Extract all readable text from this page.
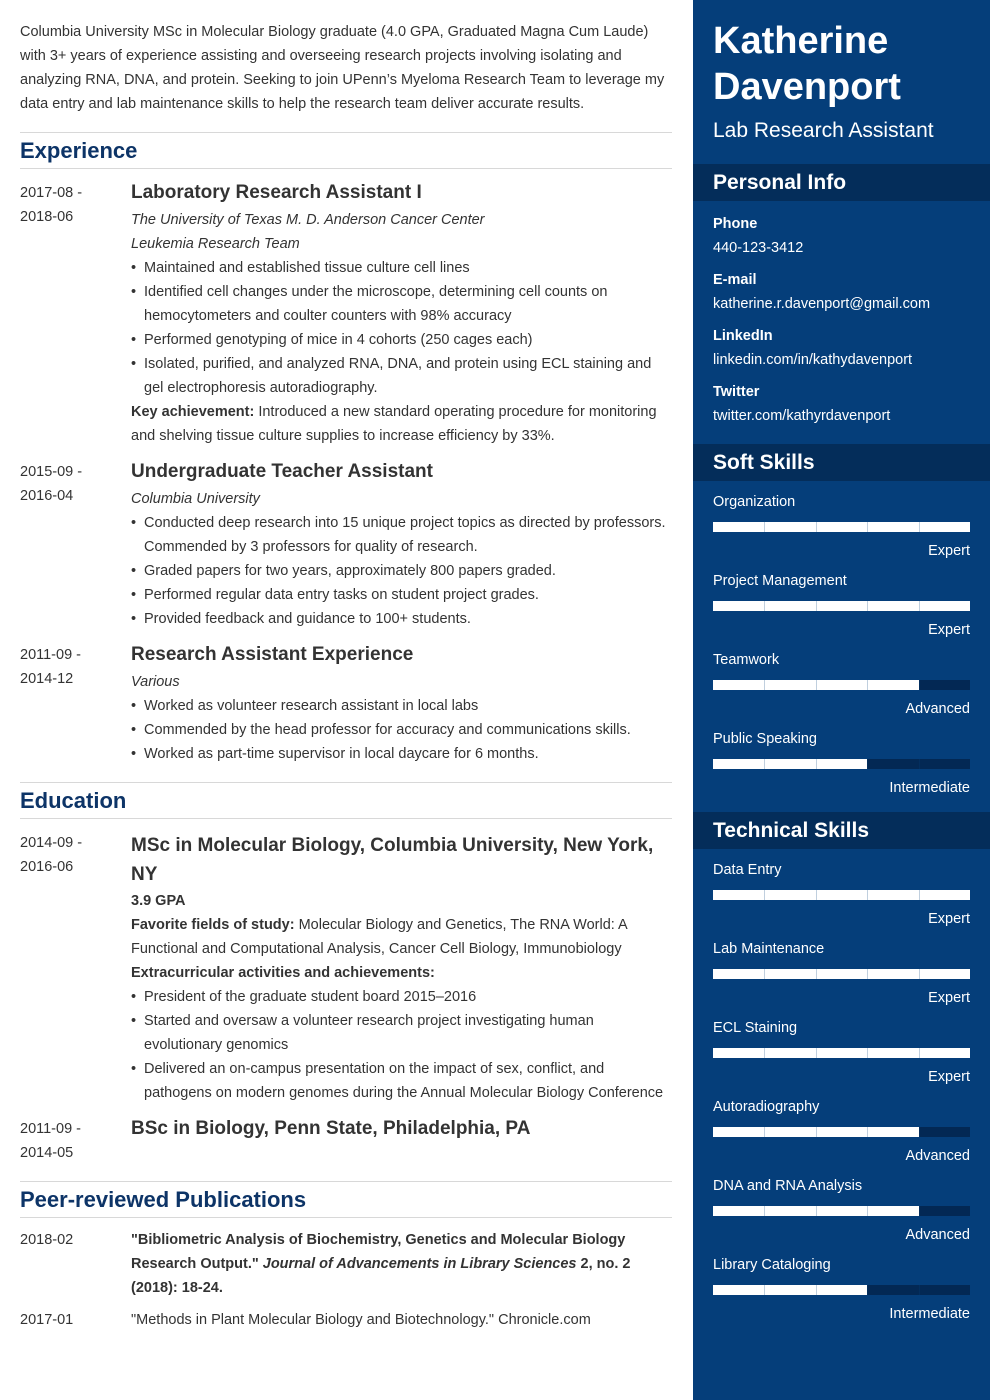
Columbia University MSc in Molecular Biology graduate (4.0 GPA, Graduated Magna Cum Laude) with 3+ years of experience assisting and overseeing research projects involving isolating and analyzing RNA, DNA, and protein. Seeking to join UPenn’s Myeloma Research Team to leverage my data entry and lab maintenance skills to help the research team deliver accurate results.

Experience
2017-08 -
2018-06
Laboratory Research Assistant I
The University of Texas M. D. Anderson Cancer Center
Leukemia Research Team
• Maintained and established tissue culture cell lines
• Identified cell changes under the microscope, determining cell counts on hemocytometers and coulter counters with 98% accuracy
• Performed genotyping of mice in 4 cohorts (250 cages each)
• Isolated, purified, and analyzed RNA, DNA, and protein using ECL staining and gel electrophoresis autoradiography.
Key achievement: Introduced a new standard operating procedure for monitoring and shelving tissue culture supplies to increase efficiency by 33%.
2015-09 -
2016-04
Undergraduate Teacher Assistant
Columbia University
• Conducted deep research into 15 unique project topics as directed by professors. Commended by 3 professors for quality of research.
• Graded papers for two years, approximately 800 papers graded.
• Performed regular data entry tasks on student project grades.
• Provided feedback and guidance to 100+ students.
2011-09 -
2014-12
Research Assistant Experience
Various
• Worked as volunteer research assistant in local labs
• Commended by the head professor for accuracy and communications skills.
• Worked as part-time supervisor in local daycare for 6 months.
Education
2014-09 -
2016-06
MSc in Molecular Biology, Columbia University, New York, NY
3.9 GPA
Favorite fields of study: Molecular Biology and Genetics, The RNA World: A Functional and Computational Analysis, Cancer Cell Biology, Immunobiology
Extracurricular activities and achievements:
• President of the graduate student board 2015–2016
• Started and oversaw a volunteer research project investigating human evolutionary genomics
• Delivered an on-campus presentation on the impact of sex, conflict, and pathogens on modern genomes during the Annual Molecular Biology Conference
2011-09 -
2014-05
BSc in Biology, Penn State, Philadelphia, PA
Peer-reviewed Publications
2018-02	"Bibliometric Analysis of Biochemistry, Genetics and Molecular Biology Research Output." Journal of Advancements in Library Sciences 2, no. 2 (2018): 18-24.
2017-01	"Methods in Plant Molecular Biology and Biotechnology." Chronicle.com
Katherine
Davenport
Lab Research Assistant
Personal Info
Phone
440-123-3412
E-mail
katherine.r.davenport@gmail.com
LinkedIn
linkedin.com/in/kathydavenport
Twitter
twitter.com/kathyrdavenport
Soft Skills
Organization
Expert
Project Management
Expert
Teamwork
Advanced
Public Speaking
Intermediate
Technical Skills
Data Entry
Expert
Lab Maintenance
Expert
ECL Staining
Expert
Autoradiography
Advanced
DNA and RNA Analysis
Advanced
Library Cataloging
Intermediate
